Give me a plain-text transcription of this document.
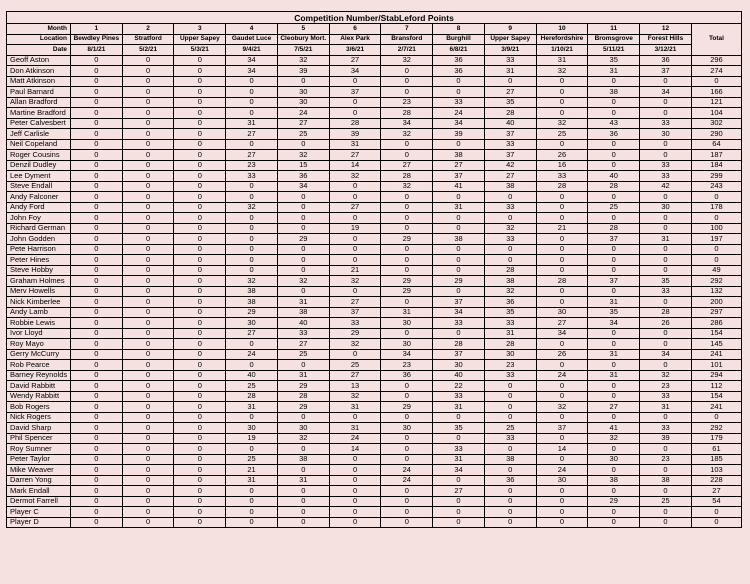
Competition Number/StabLeford Points													
Month	1	2	3	4	5	6	7	8	9	10	11	12	Total
Location	Bewdley Pines	Stratford	Upper Sapey	Gaudet Luce	Cleobury Mort.	Alex Park	Bransford	Burghill	Upper Sapey	Herefordshire	Bromsgrove	Forest Hills	
Date	8/1/21	5/2/21	5/3/21	9/4/21	7/5/21	3/6/21	2/7/21	6/8/21	3/9/21	1/10/21	5/11/21	3/12/21	
Geoff Aston	0	0	0	34	32	27	32	36	33	31	35	36	296
Don Atkinson	0	0	0	34	39	34	0	36	31	32	31	37	274
Matt Atkinson	0	0	0	0	0	0	0	0	0	0	0	0	0
Paul Barnard	0	0	0	0	30	37	0	0	27	0	38	34	166
Allan Bradford	0	0	0	0	30	0	23	33	35	0	0	0	121
Martine Bradford	0	0	0	0	24	0	28	24	28	0	0	0	104
Peter Calvesbert	0	0	0	31	27	28	34	34	40	32	43	33	302
Jeff Carlisle	0	0	0	27	25	39	32	39	37	25	36	30	290
Neil Copeland	0	0	0	0	0	31	0	0	33	0	0	0	64
Roger Cousins	0	0	0	27	32	27	0	38	37	26	0	0	187
Denzil Dudley	0	0	0	23	15	14	27	27	42	16	0	33	184
Lee Dyment	0	0	0	33	36	32	28	37	27	33	40	33	299
Steve Endall	0	0	0	0	34	0	32	41	38	28	28	42	243
Andy Falconer	0	0	0	0	0	0	0	0	0	0	0	0	0
Andy Ford	0	0	0	32	0	27	0	31	33	0	25	30	178
John Foy	0	0	0	0	0	0	0	0	0	0	0	0	0
Richard German	0	0	0	0	0	19	0	0	32	21	28	0	100
John Godden	0	0	0	0	29	0	29	38	33	0	37	31	197
Pete Harrison	0	0	0	0	0	0	0	0	0	0	0	0	0
Peter Hines	0	0	0	0	0	0	0	0	0	0	0	0	0
Steve Hobby	0	0	0	0	0	21	0	0	28	0	0	0	49
Graham Holmes	0	0	0	32	32	32	29	29	38	28	37	35	292
Merv Howells	0	0	0	38	0	0	29	0	32	0	0	33	132
Nick Kimberlee	0	0	0	38	31	27	0	37	36	0	31	0	200
Andy Lamb	0	0	0	29	38	37	31	34	35	30	35	28	297
Robbie Lewis	0	0	0	30	40	33	30	33	33	27	34	26	286
Ivor Lloyd	0	0	0	27	33	29	0	0	31	34	0	0	154
Roy Mayo	0	0	0	0	27	32	30	28	28	0	0	0	145
Gerry McCurry	0	0	0	24	25	0	34	37	30	26	31	34	241
Rob Pearce	0	0	0	0	0	25	23	30	23	0	0	0	101
Barney Reynolds	0	0	0	40	31	27	36	40	33	24	31	32	294
David Rabbitt	0	0	0	25	29	13	0	22	0	0	0	23	112
Wendy Rabbitt	0	0	0	28	28	32	0	33	0	0	0	33	154
Bob Rogers	0	0	0	31	29	31	29	31	0	32	27	31	241
Nick Rogers	0	0	0	0	0	0	0	0	0	0	0	0	0
David Sharp	0	0	0	30	30	31	30	35	25	37	41	33	292
Phil Spencer	0	0	0	19	32	24	0	0	33	0	32	39	179
Roy Sumner	0	0	0	0	0	14	0	33	0	14	0	0	61
Peter Taylor	0	0	0	25	38	0	0	31	38	0	30	23	185
Mike Weaver	0	0	0	21	0	0	24	34	0	24	0	0	103
Darren Yong	0	0	0	31	31	0	24	0	36	30	38	38	228
Mark Endall	0	0	0	0	0	0	0	27	0	0	0	0	27
Dermot Farrell	0	0	0	0	0	0	0	0	0	0	29	25	54
Player C	0	0	0	0	0	0	0	0	0	0	0	0	0
Player D	0	0	0	0	0	0	0	0	0	0	0	0	0
